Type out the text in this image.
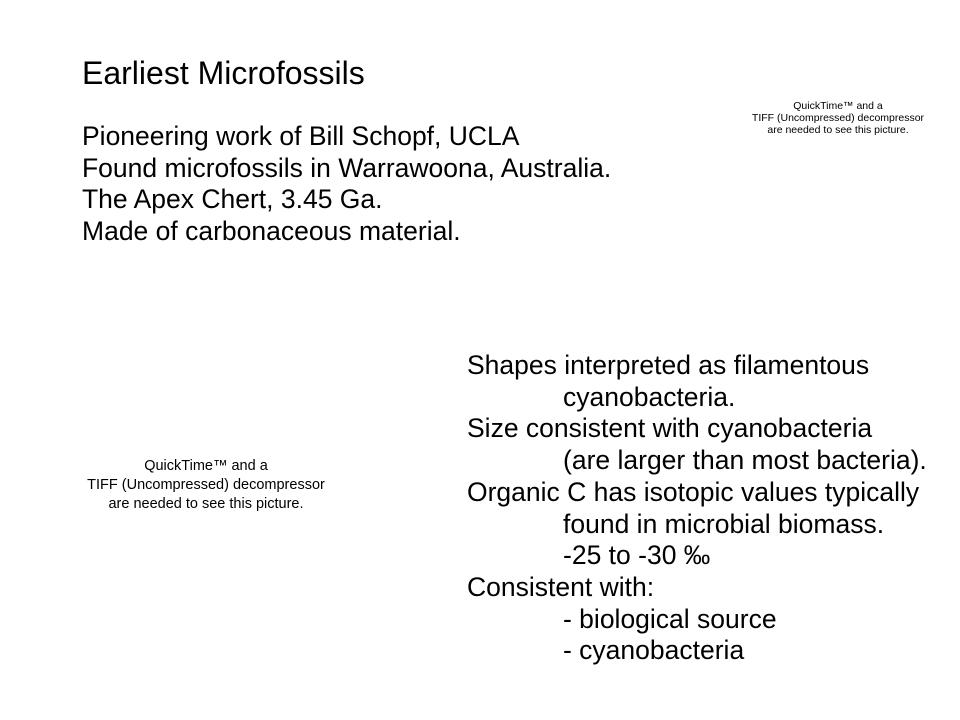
Earliest Microfossils
Pioneering work of Bill Schopf, UCLA
Found microfossils in Warrawoona, Australia.
The Apex Chert, 3.45 Ga.
Made of carbonaceous material.
QuickTime™ and a
TIFF (Uncompressed) decompressor
are needed to see this picture.
QuickTime™ and a
TIFF (Uncompressed) decompressor
are needed to see this picture.
Shapes interpreted as filamentous
cyanobacteria.
Size consistent with cyanobacteria
(are larger than most bacteria).
Organic C has isotopic values typically
found in microbial biomass.
-25 to -30 ‰
Consistent with:
- biological source
- cyanobacteria
